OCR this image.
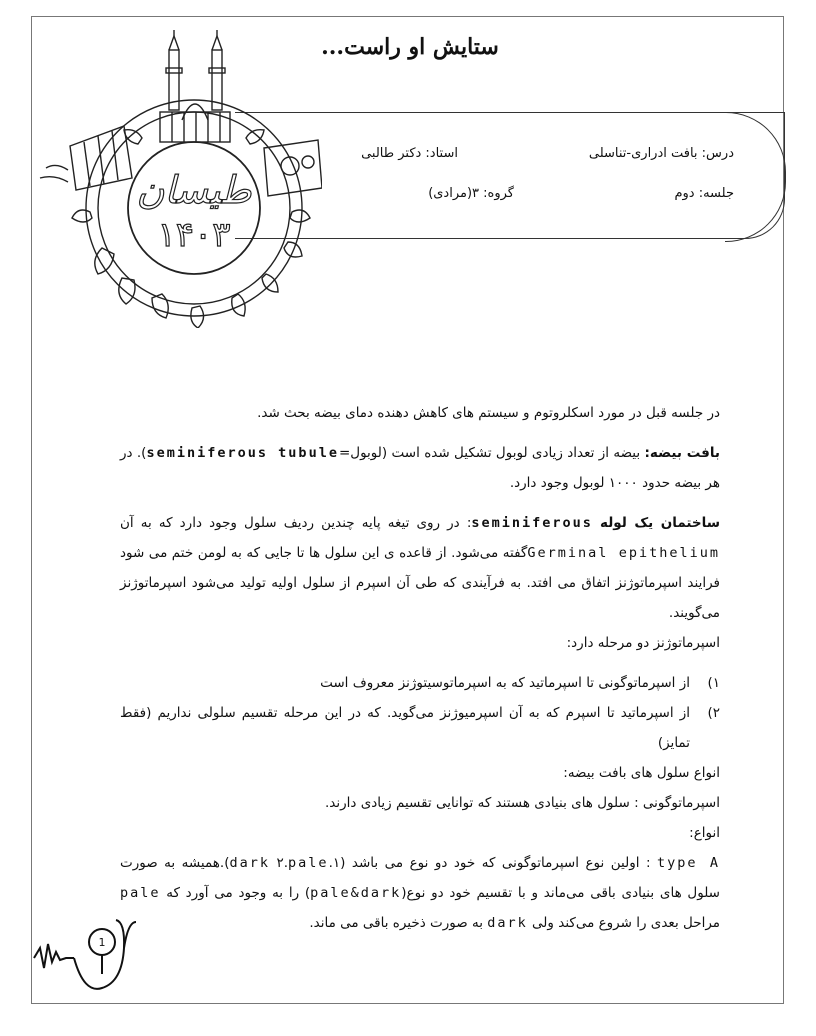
ستایش او راست...
درس: بافت ادراری-تناسلی
استاد: دکتر طالبی
جلسه: دوم
گروه: ۳(مرادی)
طیسان
۱۴۰۳

در جلسه قبل در مورد اسکلروتوم و سیستم های کاهش دهنده دمای بیضه بحث شد.

بافت بیضه: بیضه از تعداد زیادی لوبول تشکیل شده است (لوبول=seminiferous tubule). در هر بیضه حدود ۱۰۰۰ لوبول وجود دارد.

ساختمان یک لوله seminiferous: در روی تیغه پایه چندین ردیف سلول وجود دارد که به آن Germinal epitheliumگفته می‌شود. از قاعده ی این سلول ها تا جایی که به لومن ختم می شود فرایند اسپرماتوژنز اتفاق می افتد. به فرآیندی که طی آن اسپرم از سلول اولیه تولید می‌شود اسپرماتوژنز می‌گویند.

اسپرماتوژنز دو مرحله دارد:

۱)
از اسپرماتوگونی تا اسپرماتید که به اسپرماتوسیتوژنز معروف است

۲)
از اسپرماتید تا اسپرم که به آن اسپرمیوژنز می‌گوید. که در این مرحله تقسیم سلولی نداریم (فقط تمایز)

انواع سلول های بافت بیضه:

اسپرماتوگونی : سلول های بنیادی هستند که توانایی تقسیم زیادی دارند.

انواع:

type A : اولین نوع اسپرماتوگونی که خود دو نوع می باشد (۱.dark ۲.pale).همیشه به صورت سلول های بنیادی باقی می‌ماند و با تقسیم خود دو نوع(pale&dark) را به وجود می آورد که pale مراحل بعدی را شروع می‌کند ولی dark به صورت ذخیره باقی می ماند.

1
